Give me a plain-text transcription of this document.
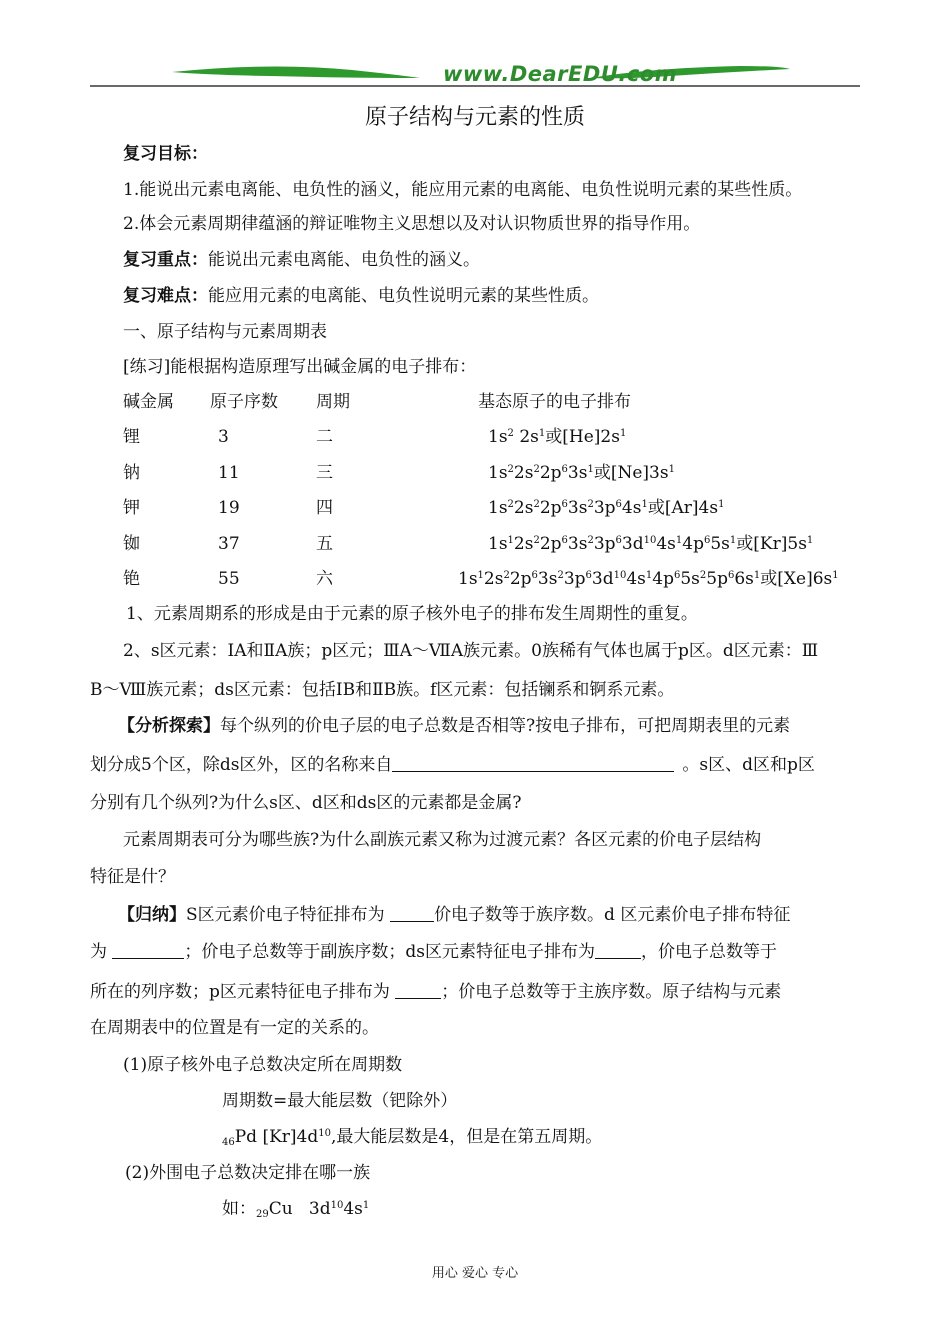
www.DearEDU.com
原子结构与元素的性质
复习目标：
1.能说出元素电离能、电负性的涵义，能应用元素的电离能、电负性说明元素的某些性质。
2.体会元素周期律蕴涵的辩证唯物主义思想以及对认识物质世界的指导作用。
复习重点：能说出元素电离能、电负性的涵义。
复习难点：能应用元素的电离能、电负性说明元素的某些性质。
一、原子结构与元素周期表
[练习]能根据构造原理写出碱金属的电子排布：
碱金属 原子序数 周期	基态原子的电子排布
锂	3	二	$1s^2$ $2s^1$或$[He]2s^1$
钠	11	三	$1s^22s^22p^63s^1$或$[Ne]3s^1$
钾	19	四	$1s^22s^22p^63s^23p^64s^1$或$[Ar]4s^1$
铷	37	五	$1s^12s^22p^63s^23p^63d^{10}4s^14p^65s^1$或$[Kr]5s^1$
铯	55	六	$1s^12s^22p^63s^23p^63d^{10}4s^14p^65s^25p^66s^1$或$[Xe]6s^1$
1、元素周期系的形成是由于元素的原子核外电子的排布发生周期性的重复。
2、s区元素：ⅠA和ⅡA族；p区元；ⅢA～ⅦA族元素。0族稀有气体也属于p区。d区元素：Ⅲ
B～Ⅷ族元素；ds区元素：包括ⅠB和ⅡB族。f区元素：包括镧系和锕系元素。
【分析探索】每个纵列的价电子层的电子总数是否相等?按电子排布，可把周期表里的元素
划分成5个区，除ds区外，区的名称来自	。s区、d区和p区
分别有几个纵列?为什么s区、d区和ds区的元素都是金属?
元素周期表可分为哪些族?为什么副族元素又称为过渡元素？各区元素的价电子层结构
特征是什？
【归纳】S区元素价电子特征排布为	价电子数等于族序数。d 区元素价电子排布特征
为	；价电子总数等于副族序数；ds区元素特征电子排布为	，价电子总数等于
所在的列序数；p区元素特征电子排布为	；价电子总数等于主族序数。原子结构与元素
在周期表中的位置是有一定的关系的。
(1)原子核外电子总数决定所在周期数
周期数=最大能层数（钯除外）
$_{46}$Pd $[Kr]4d^{10}$,最大能层数是4，但是在第五周期。
(2)外围电子总数决定排在哪一族
如：$_{29}$Cu $3d^{10}4s^1$
用心 爱心 专心
